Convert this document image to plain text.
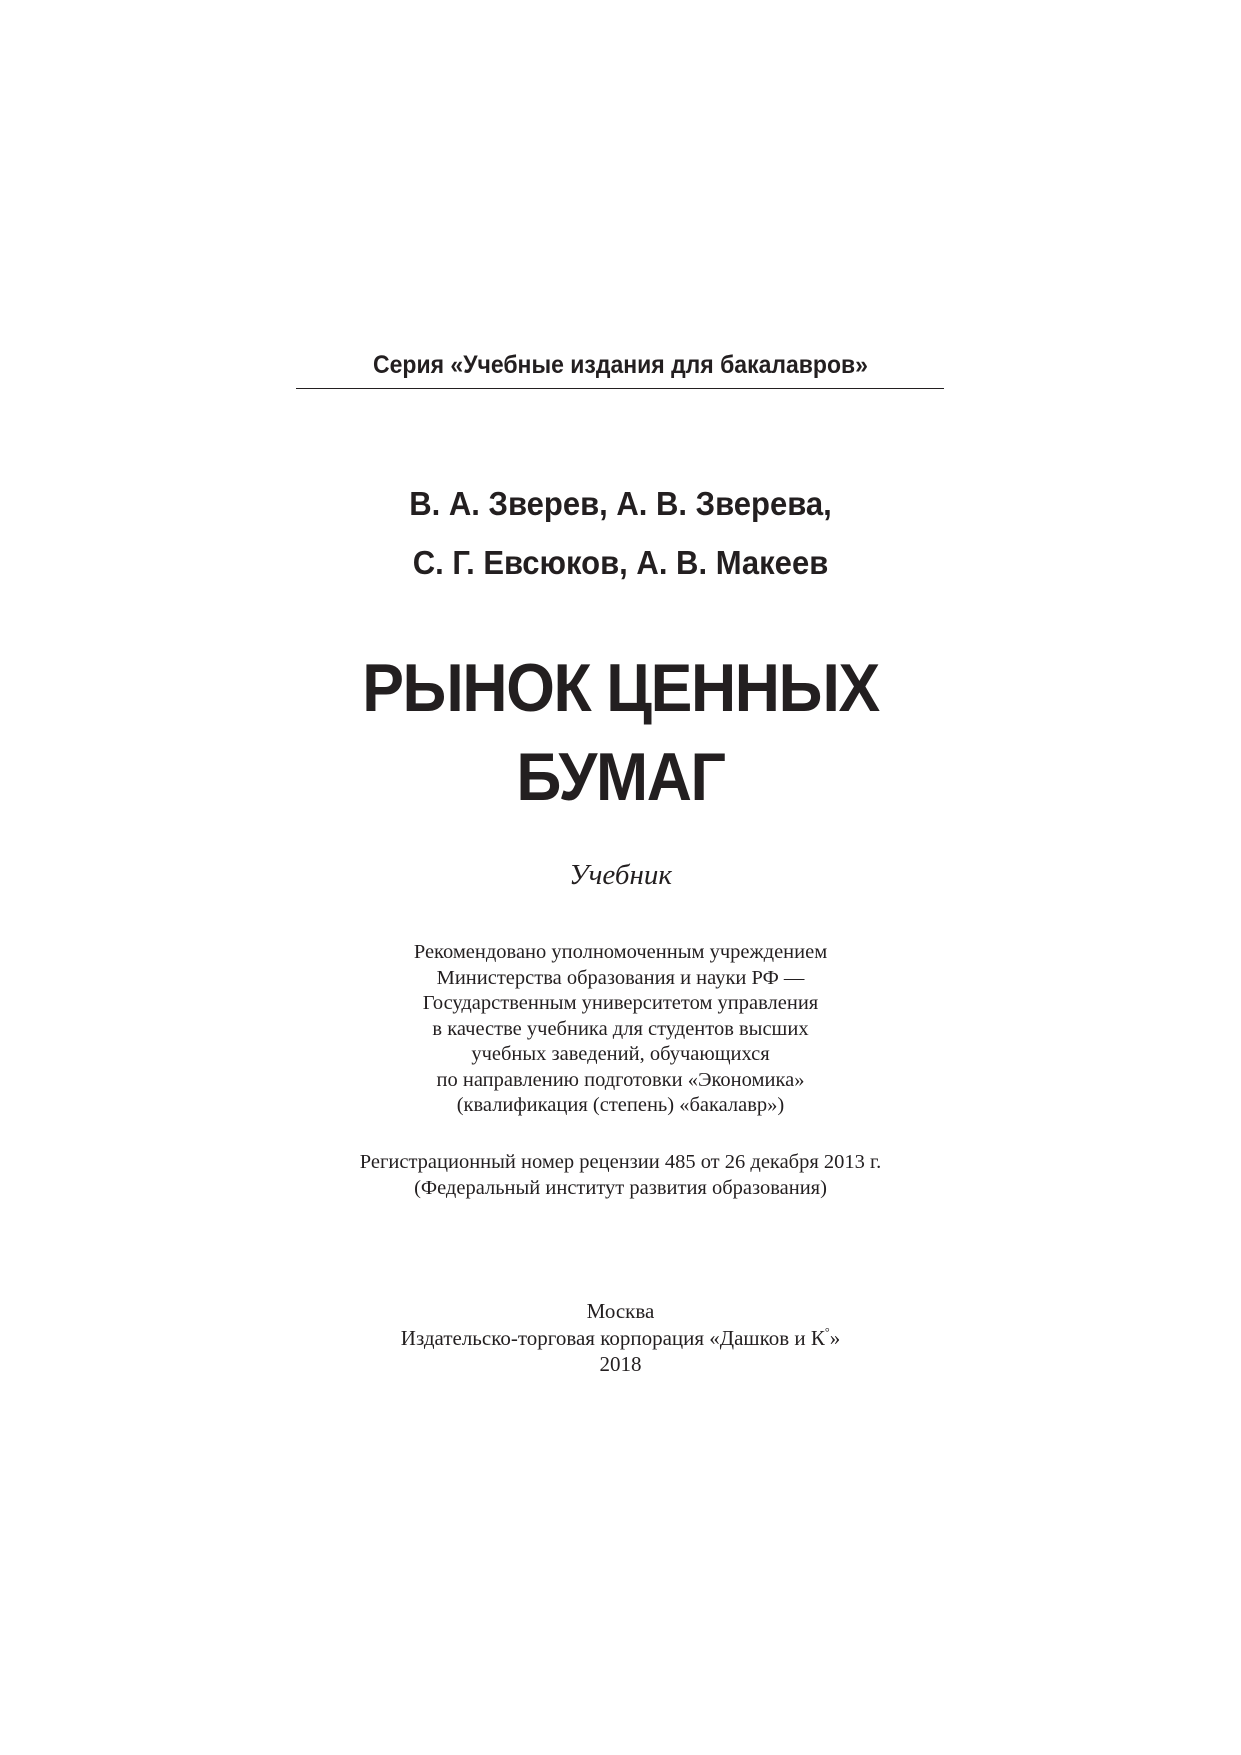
Серия «Учебные издания для бакалавров»
В. А. Зверев, А. В. Зверева,
С. Г. Евсюков, А. В. Макеев
РЫНОК ЦЕННЫХ
БУМАГ
Учебник
Рекомендовано уполномоченным учреждением
Министерства образования и науки РФ —
Государственным университетом управления
в качестве учебника для студентов высших
учебных заведений, обучающихся
по направлению подготовки «Экономика»
(квалификация (степень) «бакалавр»)
Регистрационный номер рецензии 485 от 26 декабря 2013 г.
(Федеральный институт развития образования)
Москва
Издательско-торговая корпорация «Дашков и К°»
2018
